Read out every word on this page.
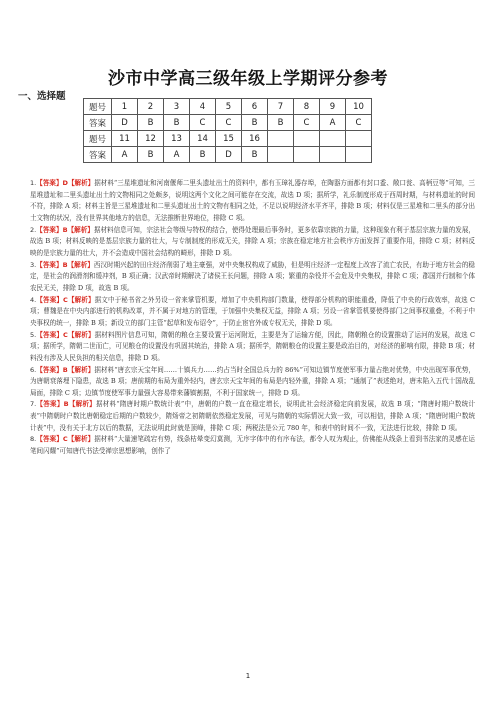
沙市中学高三级年级上学期评分参考
一、选择题
题号	1	2	3	4	5	6	7	8	9	10
答案	D	B	B	C	C	B	B	C	A	C
题号	11	12	13	14	15	16				
答案	A	B	A	B	D	B				

1.【答案】D【解析】据材料“三星堆遗址和河南偃师二里头遗址出土的资料中，都有玉璋礼器存埠，在陶器方面都有封口盉、敞口瓮、高柄豆等”可知，三星堆遗址和二里头遗址出土的文物相同之处颇多，说明这两个文化之间可能存在交流，故选 D 项；据所学，礼乐制度形成于西周时期，与材料遗址的时间不符，排除 A 项；材料主旨是三星堆遗址和二里头遗址出土的文物有相同之处，不足以说明经济水平齐平，排除 B 项；材料仅是三星堆和二里头的部分出土文物的状况，没有世界其他地方的信息，无法推断世界地位，排除 C 项。

2.【答案】B【解析】据材料信息可知，宗法社会等级与特权的结合，使得处理最后事务时，更多依靠宗族的力量，这种现象有利于基层宗族力量的发展，故选 B 项；材料反映的是基层宗族力量的壮大，与专制制度的形成无关，排除 A 项；宗族在稳定地方社会秩序方面发挥了重要作用，排除 C 项；材料反映的是宗族力量的壮大，并不会造成中国社会结构的畸形，排除 D 项。

3.【答案】B【解析】西汉时期兴起的田庄经济削弱了地主豪强，对中央集权构成了威胁，但是明庄经济一定程度上改容了流亡农民，有助于地方社会的稳定，是社会的润滑剂和缓冲剂，B 项正确；汉武帝时期解决了诸侯王长问题，排除 A 项；繁重的杂役并不会危及中央集权，排除 C 项；郡国并行制和个体农民无关，排除 D 项，故选 B 项。

4.【答案】C【解析】据文中于秘书省之外另设一省来掌管机要，增加了中央机构部门数量，使得部分机构的职能重叠，降低了中央的行政效率，故选 C 项；曹魏是在中央内部进行的机构改革，并不属于对地方的管理，于加强中央集权无益，排除 A 项；另设一省掌管机要使得部门之间事权重叠，不利于中央事权的统一，排除 B 项；新设立的部门主管“起草和发布诏令”，于防止宦官外戚专权无关，排除 D 项。

5.【答案】C【解析】据材料图片信息可知，隋朝的粮仓主要设置于运河附近，主要是为了运输方便，因此，隋朝粮仓的设置推动了运河的发展，故选 C 项；据所学，隋朝二世而亡，可见粮仓的设置没有巩固其统治，排除 A 项；据所学，隋朝粮仓的设置主要是政治目的，对经济的影响有限，排除 B 项；材料没有涉及人民负担的相关信息，排除 D 项。

6.【答案】B【解析】据材料“唐玄宗天宝年间……十镇兵力……约占当时全国总兵力的 86%”可知边镇节度使军事力量占绝对优势，中央出现军事优势，为唐朝衰落埋下隐患，故选 B 项；唐前期的布局为重外轻内，唐玄宗天宝年间的布局是内轻外重，排除 A 项；“通制了”表述绝对，唐末陷入五代十国战乱局面，排除 C 项；边镇节度使军事力量强大容易带来藩镇割据，不利于国家统一，排除 D 项。

7.【答案】B【解析】据材料“隋唐时期户数统计表”中，唐朝的户数一直在稳定增长，说明此社会经济稳定向前发展，故选 B 项；“隋唐时期户数统计表”中隋朝时户数比唐朝稳定后期的户数较少，隋炀帝之初隋朝依然稳定发展，可见与隋朝的实际情况大致一致，可以相信，排除 A 项；“隋唐时期户数统计表”中，没有关于北方以后的数据，无法说明此时就是顶峰，排除 C 项；两税法是公元 780 年，和表中的时间不一致，无法进行比较，排除 D 项。

8.【答案】C【解析】据材料“大量速笔疏宕有势，线条枯晕变幻莫测，无序字体中的有序布法，都令人叹为观止，仿佛能从线条上看到书法家的灵感在运笔间闪耀”可知唐代书法受禅宗思想影响，创作了

1
